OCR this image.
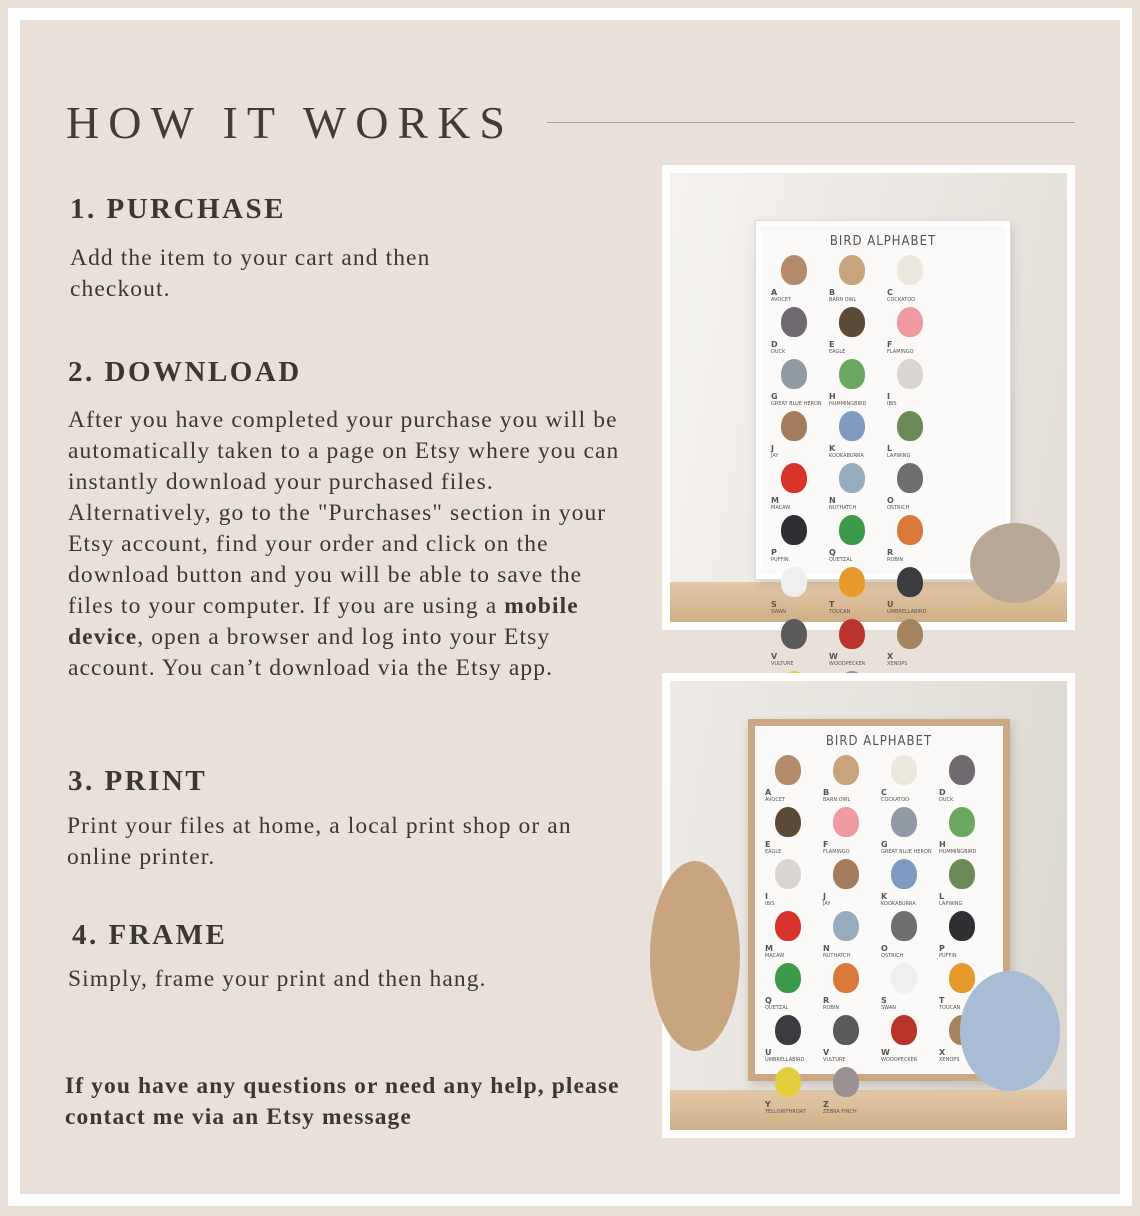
HOW IT WORKS
1. PURCHASE
Add the item to your cart and then checkout.
2. DOWNLOAD
After you have completed your purchase you will be automatically taken to a page on Etsy where you can instantly download your purchased files. Alternatively, go to the "Purchases" section in your Etsy account, find your order and click on the download button and you will be able to save the files to your computer. If you are using a mobile device, open a browser and log into your Etsy account. You can’t download via the Etsy app.
3. PRINT
Print your files at home, a local print shop or an online printer.
4. FRAME
Simply, frame your print and then hang.
If you have any questions or need any help, please contact me via an Etsy message
BIRD ALPHABET
A
AVOCET
B
BARN OWL
C
COCKATOO
D
DUCK
E
EAGLE
F
FLAMINGO
G
GREAT BLUE HERON
H
HUMMINGBIRD
I
IBIS
J
JAY
K
KOOKABURRA
L
LAPWING
M
MACAW
N
NUTHATCH
O
OSTRICH
P
PUFFIN
Q
QUETZAL
R
ROBIN
S
SWAN
T
TOUCAN
U
UMBRELLABIRD
V
VULTURE
W
WOODPECKER
X
XENOPS
BIRD ALPHABET
A
AVOCET
B
BARN OWL
C
COCKATOO
D
DUCK
E
EAGLE
F
FLAMINGO
G
GREAT BLUE HERON
H
HUMMINGBIRD
I
IBIS
J
JAY
K
KOOKABURRA
L
LAPWING
M
MACAW
N
NUTHATCH
O
OSTRICH
P
PUFFIN
Q
QUETZAL
R
ROBIN
S
SWAN
T
TOUCAN
U
UMBRELLABIRD
V
VULTURE
W
WOODPECKER
X
XENOPS
Y
YELLOWTHROAT
Z
ZEBRA FINCH
